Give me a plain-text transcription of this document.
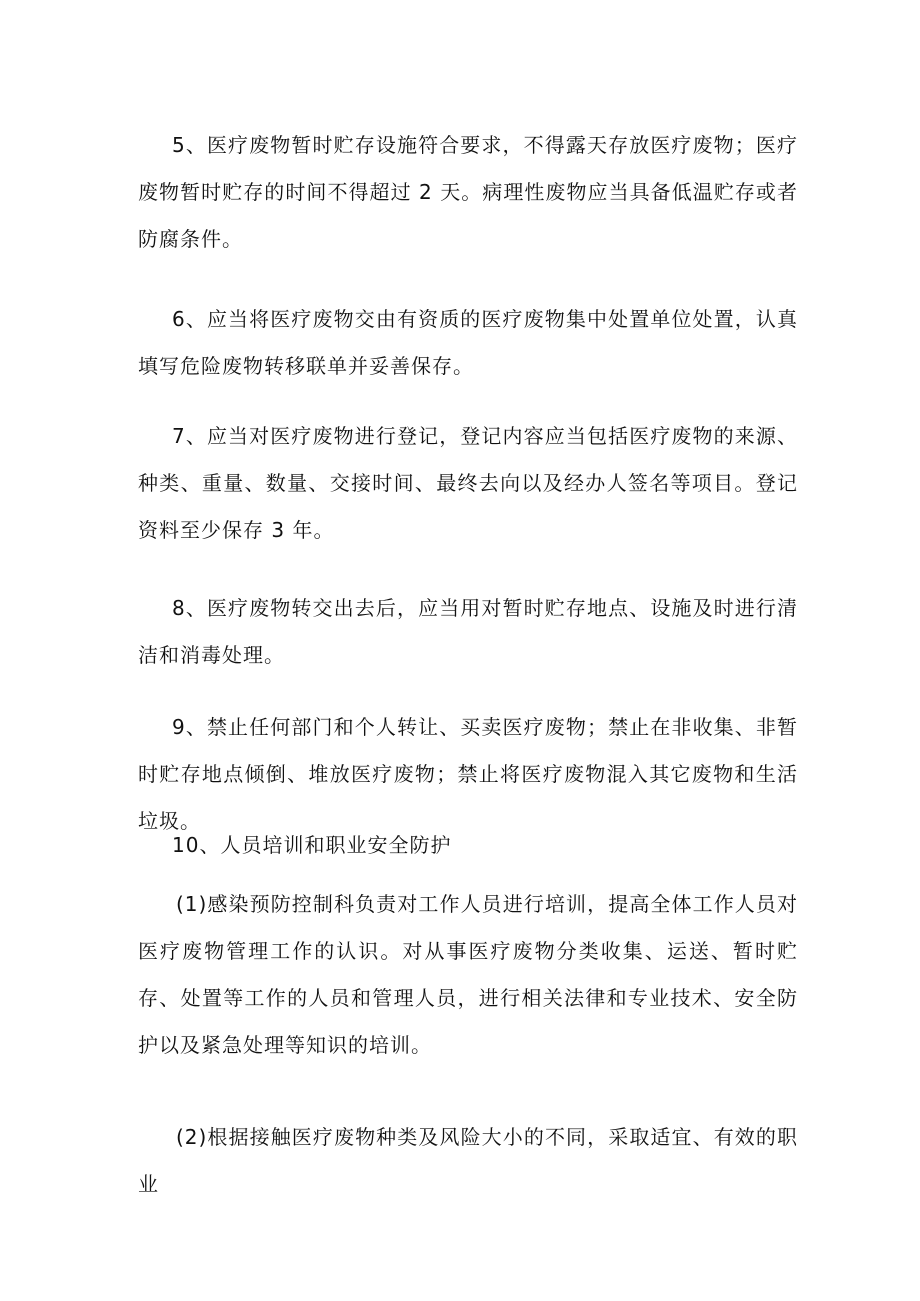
5、医疗废物暂时贮存设施符合要求，不得露天存放医疗废物；医疗废物暂时贮存的时间不得超过 2 天。病理性废物应当具备低温贮存或者防腐条件。

6、应当将医疗废物交由有资质的医疗废物集中处置单位处置，认真填写危险废物转移联单并妥善保存。

7、应当对医疗废物进行登记，登记内容应当包括医疗废物的来源、种类、重量、数量、交接时间、最终去向以及经办人签名等项目。登记资料至少保存 3 年。

8、医疗废物转交出去后，应当用对暂时贮存地点、设施及时进行清洁和消毒处理。

9、禁止任何部门和个人转让、买卖医疗废物；禁止在非收集、非暂时贮存地点倾倒、堆放医疗废物；禁止将医疗废物混入其它废物和生活垃圾。

10、人员培训和职业安全防护

(1)感染预防控制科负责对工作人员进行培训，提高全体工作人员对医疗废物管理工作的认识。对从事医疗废物分类收集、运送、暂时贮存、处置等工作的人员和管理人员，进行相关法律和专业技术、安全防护以及紧急处理等知识的培训。

(2)根据接触医疗废物种类及风险大小的不同，采取适宜、有效的职业
